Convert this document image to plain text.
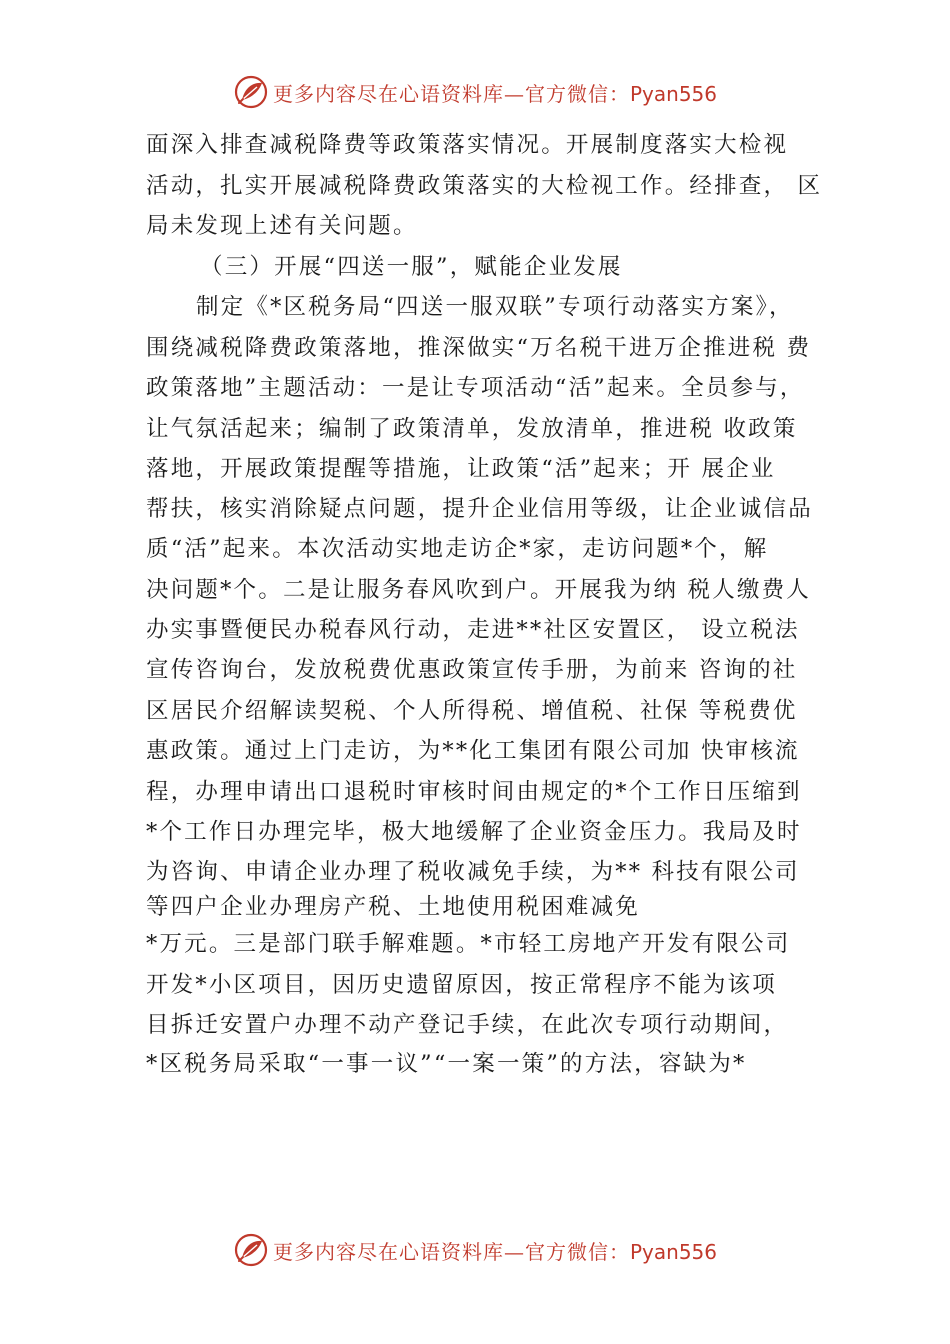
更多内容尽在心语资料库—官方微信：Pyan556
面深入排查减税降费等政策落实情况。开展制度落实大检视
活动，扎实开展减税降费政策落实的大检视工作。经排查， 区
局未发现上述有关问题。
（三）开展“四送一服”，赋能企业发展
制定《*区税务局“四送一服双联”专项行动落实方案》，
围绕减税降费政策落地，推深做实“万名税干进万企推进税 费
政策落地”主题活动：一是让专项活动“活”起来。全员参与，
让气氛活起来；编制了政策清单，发放清单，推进税 收政策
落地，开展政策提醒等措施，让政策“活”起来；开 展企业
帮扶，核实消除疑点问题，提升企业信用等级，让企业诚信品
质“活”起来。本次活动实地走访企*家，走访问题*个，解
决问题*个。二是让服务春风吹到户。开展我为纳 税人缴费人
办实事暨便民办税春风行动，走进**社区安置区， 设立税法
宣传咨询台，发放税费优惠政策宣传手册，为前来 咨询的社
区居民介绍解读契税、个人所得税、增值税、社保 等税费优
惠政策。通过上门走访，为**化工集团有限公司加 快审核流
程，办理申请出口退税时审核时间由规定的*个工作日压缩到
*个工作日办理完毕，极大地缓解了企业资金压力。我局及时
为咨询、申请企业办理了税收减免手续，为** 科技有限公司
等四户企业办理房产税、土地使用税困难减免
*万元。三是部门联手解难题。*市轻工房地产开发有限公司
开发*小区项目，因历史遗留原因，按正常程序不能为该项
目拆迁安置户办理不动产登记手续，在此次专项行动期间，
*区税务局采取“一事一议”“一案一策”的方法，容缺为*
更多内容尽在心语资料库—官方微信：Pyan556
